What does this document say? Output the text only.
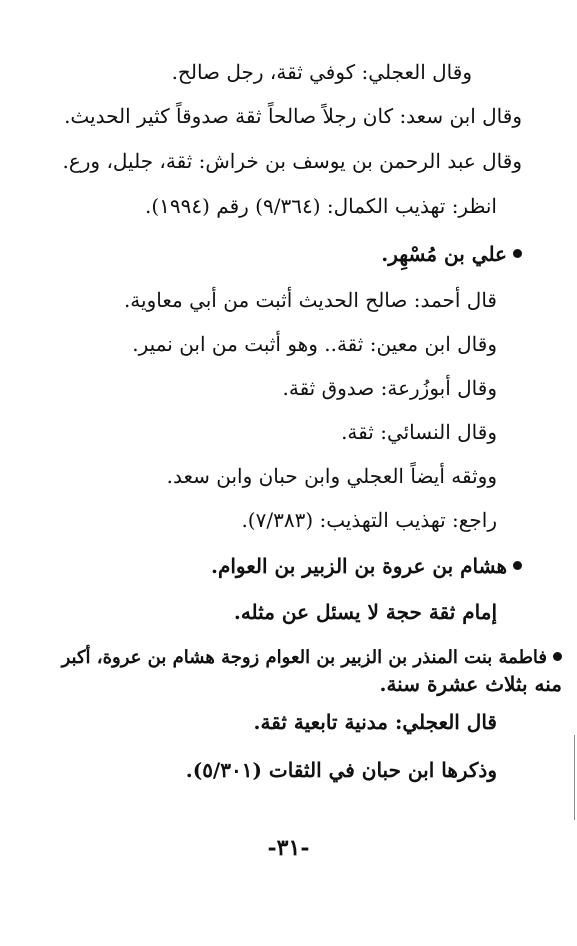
وقال العجلي: كوفي ثقة، رجل صالح.
وقال ابن سعد: كان رجلاً صالحاً ثقة صدوقاً كثير الحديث.
وقال عبد الرحمن بن يوسف بن خراش: ثقة، جليل، ورع.
انظر: تهذيب الكمال: (٩/٣٦٤) رقم (١٩٩٤).
علي بن مُسْهِر.
قال أحمد: صالح الحديث أثبت من أبي معاوية.
وقال ابن معين: ثقة.. وهو أثبت من ابن نمير.
وقال أبوزُرعة: صدوق ثقة.
وقال النسائي: ثقة.
ووثقه أيضاً العجلي وابن حبان وابن سعد.
راجع: تهذيب التهذيب: (٧/٣٨٣).
هشام بن عروة بن الزبير بن العوام.
إمام ثقة حجة لا يسئل عن مثله.
فاطمة بنت المنذر بن الزبير بن العوام زوجة هشام بن عروة، أكبر
منه بثلاث عشرة سنة.
قال العجلي: مدنية تابعية ثقة.
وذكرها ابن حبان في الثقات (٥/٣٠١).
-٣١-
